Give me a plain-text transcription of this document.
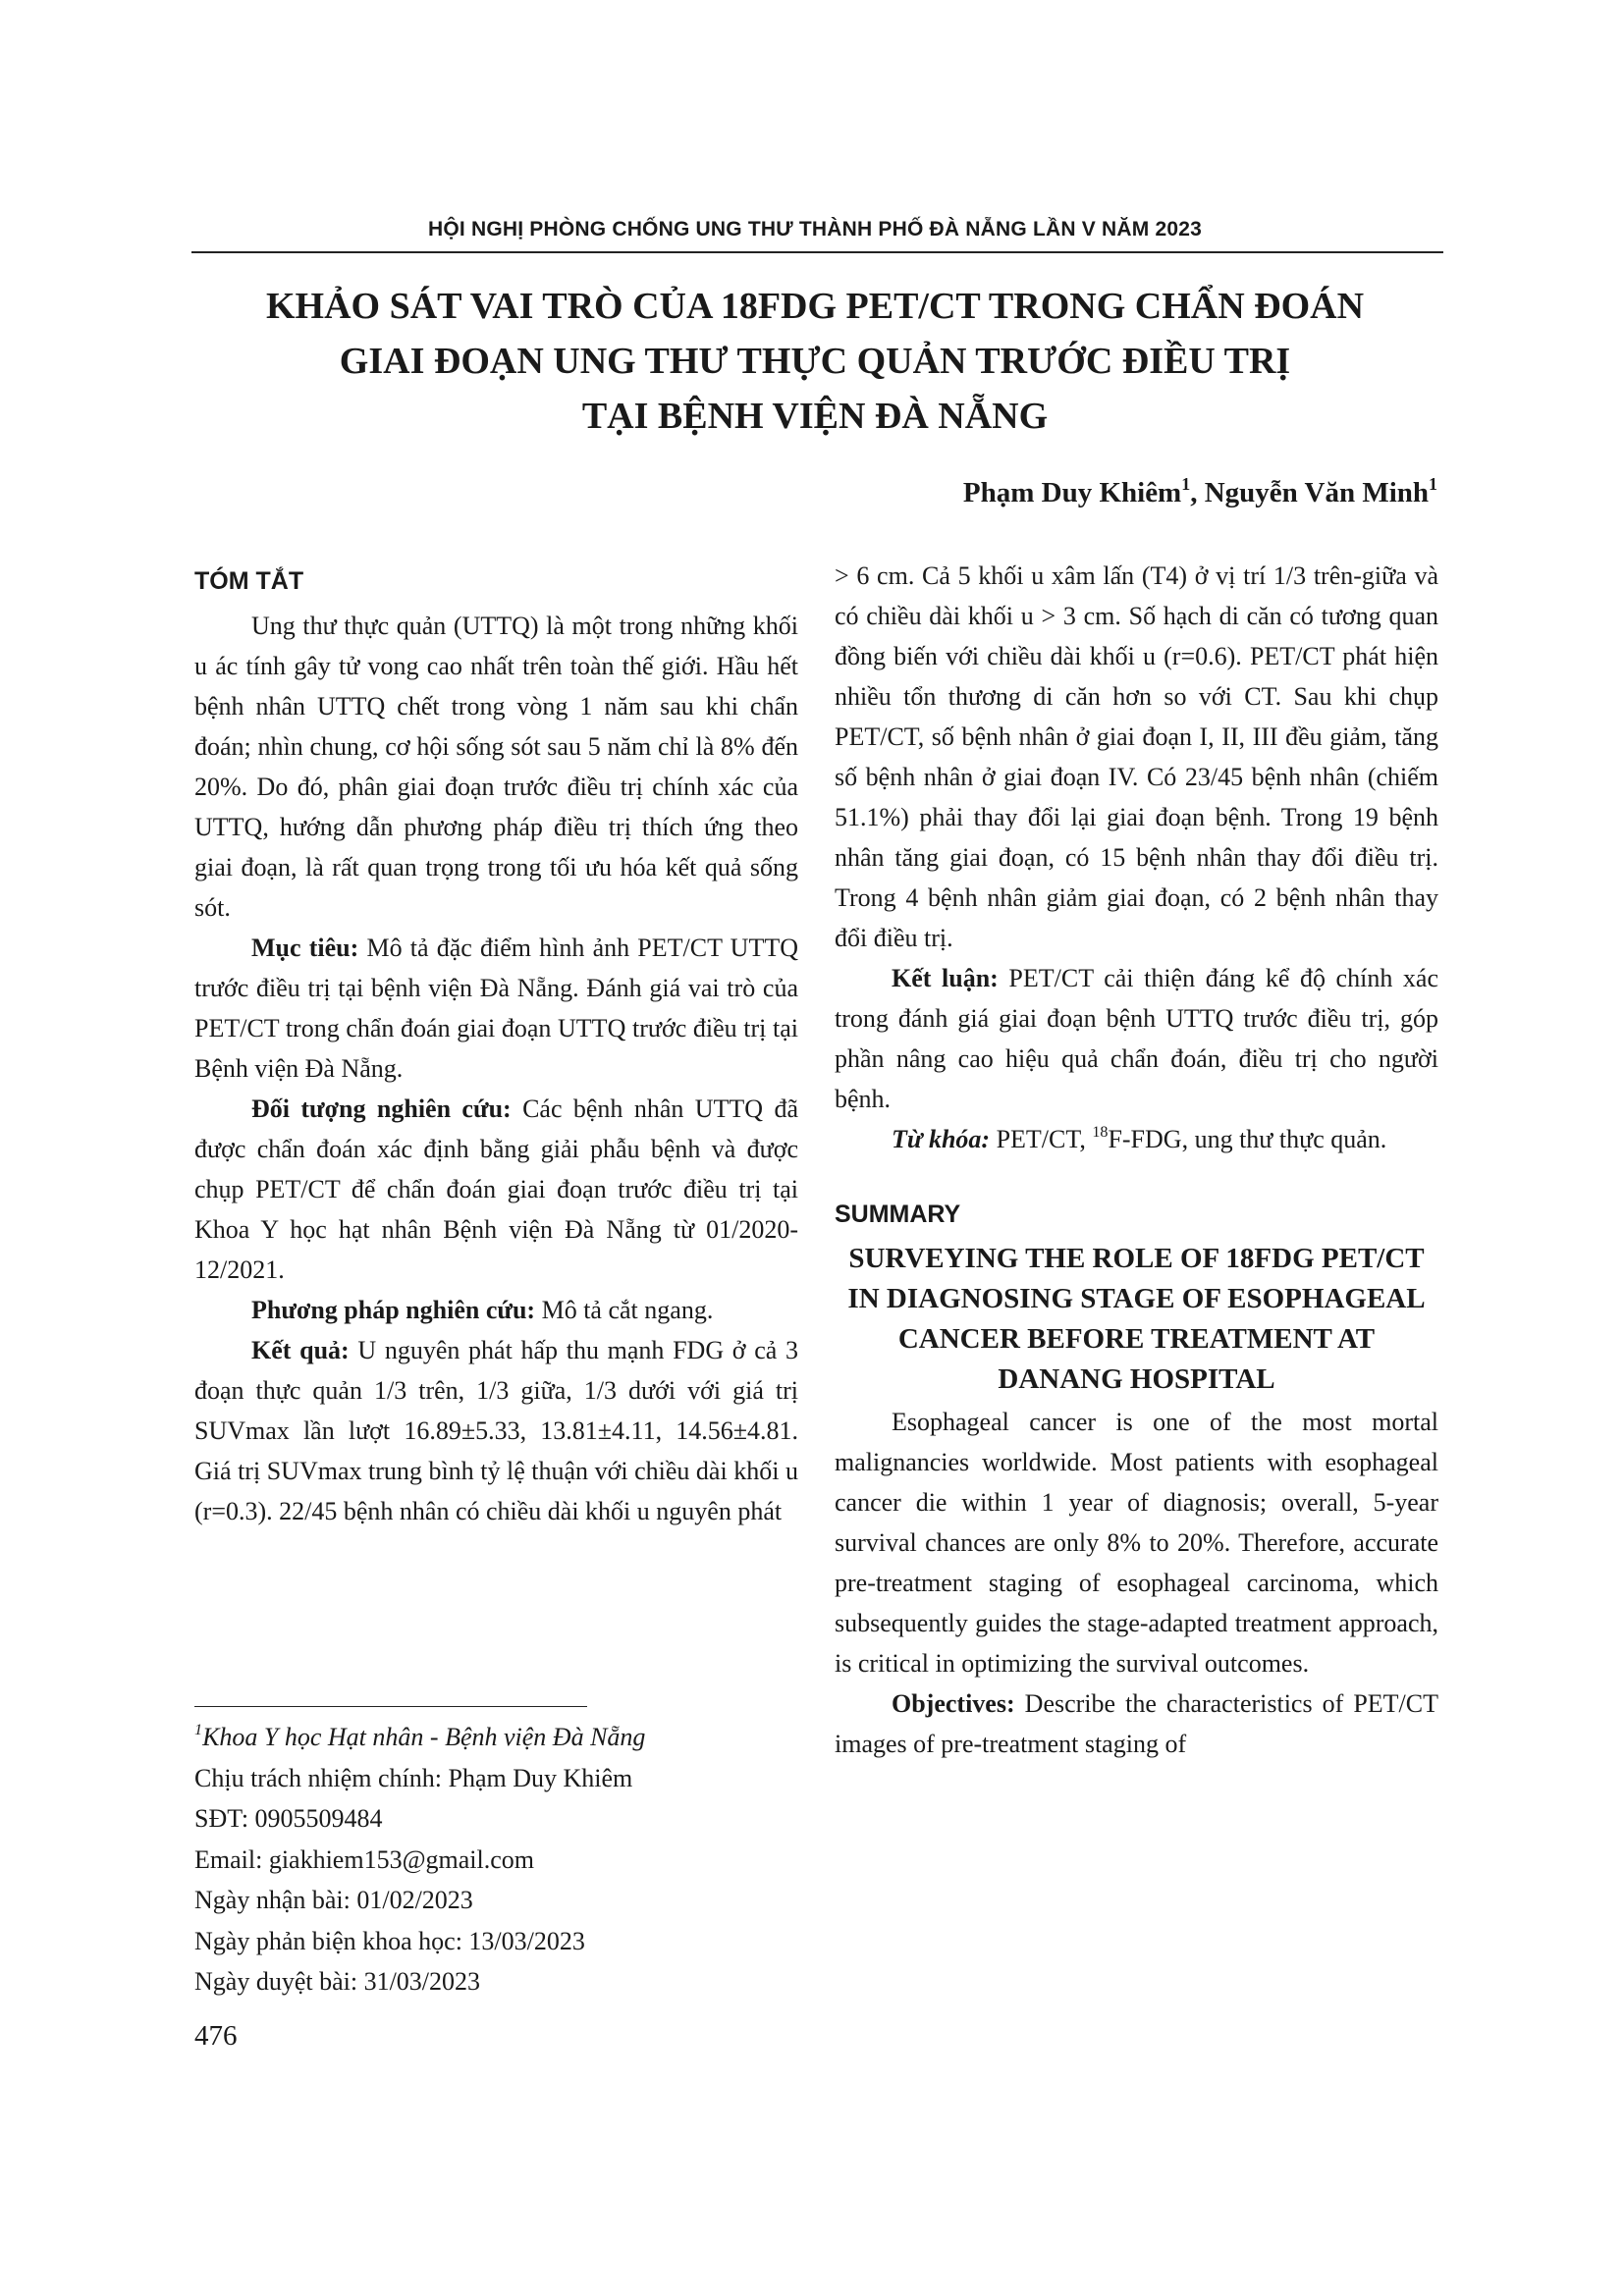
HỘI NGHỊ PHÒNG CHỐNG UNG THƯ THÀNH PHỐ ĐÀ NẴNG LẦN V NĂM 2023
KHẢO SÁT VAI TRÒ CỦA 18FDG PET/CT TRONG CHẨN ĐOÁN
GIAI ĐOẠN UNG THƯ THỰC QUẢN TRƯỚC ĐIỀU TRỊ
TẠI BỆNH VIỆN ĐÀ NẴNG
Phạm Duy Khiêm$^1$, Nguyễn Văn Minh$^1$
TÓM TẮT

Ung thư thực quản (UTTQ) là một trong những khối u ác tính gây tử vong cao nhất trên toàn thế giới. Hầu hết bệnh nhân UTTQ chết trong vòng 1 năm sau khi chẩn đoán; nhìn chung, cơ hội sống sót sau 5 năm chỉ là 8% đến 20%. Do đó, phân giai đoạn trước điều trị chính xác của UTTQ, hướng dẫn phương pháp điều trị thích ứng theo giai đoạn, là rất quan trọng trong tối ưu hóa kết quả sống sót.

Mục tiêu: Mô tả đặc điểm hình ảnh PET/CT UTTQ trước điều trị tại bệnh viện Đà Nẵng. Đánh giá vai trò của PET/CT trong chẩn đoán giai đoạn UTTQ trước điều trị tại Bệnh viện Đà Nẵng.

Đối tượng nghiên cứu: Các bệnh nhân UTTQ đã được chẩn đoán xác định bằng giải phẫu bệnh và được chụp PET/CT để chẩn đoán giai đoạn trước điều trị tại Khoa Y học hạt nhân Bệnh viện Đà Nẵng từ 01/2020-12/2021.

Phương pháp nghiên cứu: Mô tả cắt ngang.

Kết quả: U nguyên phát hấp thu mạnh FDG ở cả 3 đoạn thực quản 1/3 trên, 1/3 giữa, 1/3 dưới với giá trị SUVmax lần lượt 16.89±5.33, 13.81±4.11, 14.56±4.81. Giá trị SUVmax trung bình tỷ lệ thuận với chiều dài khối u (r=0.3). 22/45 bệnh nhân có chiều dài khối u nguyên phát

$^1$Khoa Y học Hạt nhân - Bệnh viện Đà Nẵng
Chịu trách nhiệm chính: Phạm Duy Khiêm
SĐT: 0905509484
Email: giakhiem153@gmail.com
Ngày nhận bài: 01/02/2023
Ngày phản biện khoa học: 13/03/2023
Ngày duyệt bài: 31/03/2023

> 6 cm. Cả 5 khối u xâm lấn (T4) ở vị trí 1/3 trên-giữa và có chiều dài khối u > 3 cm. Số hạch di căn có tương quan đồng biến với chiều dài khối u (r=0.6). PET/CT phát hiện nhiều tổn thương di căn hơn so với CT. Sau khi chụp PET/CT, số bệnh nhân ở giai đoạn I, II, III đều giảm, tăng số bệnh nhân ở giai đoạn IV. Có 23/45 bệnh nhân (chiếm 51.1%) phải thay đổi lại giai đoạn bệnh. Trong 19 bệnh nhân tăng giai đoạn, có 15 bệnh nhân thay đổi điều trị. Trong 4 bệnh nhân giảm giai đoạn, có 2 bệnh nhân thay đổi điều trị.

Kết luận: PET/CT cải thiện đáng kể độ chính xác trong đánh giá giai đoạn bệnh UTTQ trước điều trị, góp phần nâng cao hiệu quả chẩn đoán, điều trị cho người bệnh.

Từ khóa: PET/CT, $^{18}$F-FDG, ung thư thực quản.

SUMMARY
SURVEYING THE ROLE OF 18FDG PET/CT IN DIAGNOSING STAGE OF ESOPHAGEAL CANCER BEFORE TREATMENT AT DANANG HOSPITAL

Esophageal cancer is one of the most mortal malignancies worldwide. Most patients with esophageal cancer die within 1 year of diagnosis; overall, 5-year survival chances are only 8% to 20%. Therefore, accurate pre-treatment staging of esophageal carcinoma, which subsequently guides the stage-adapted treatment approach, is critical in optimizing the survival outcomes.

Objectives: Describe the characteristics of PET/CT images of pre-treatment staging of

476
